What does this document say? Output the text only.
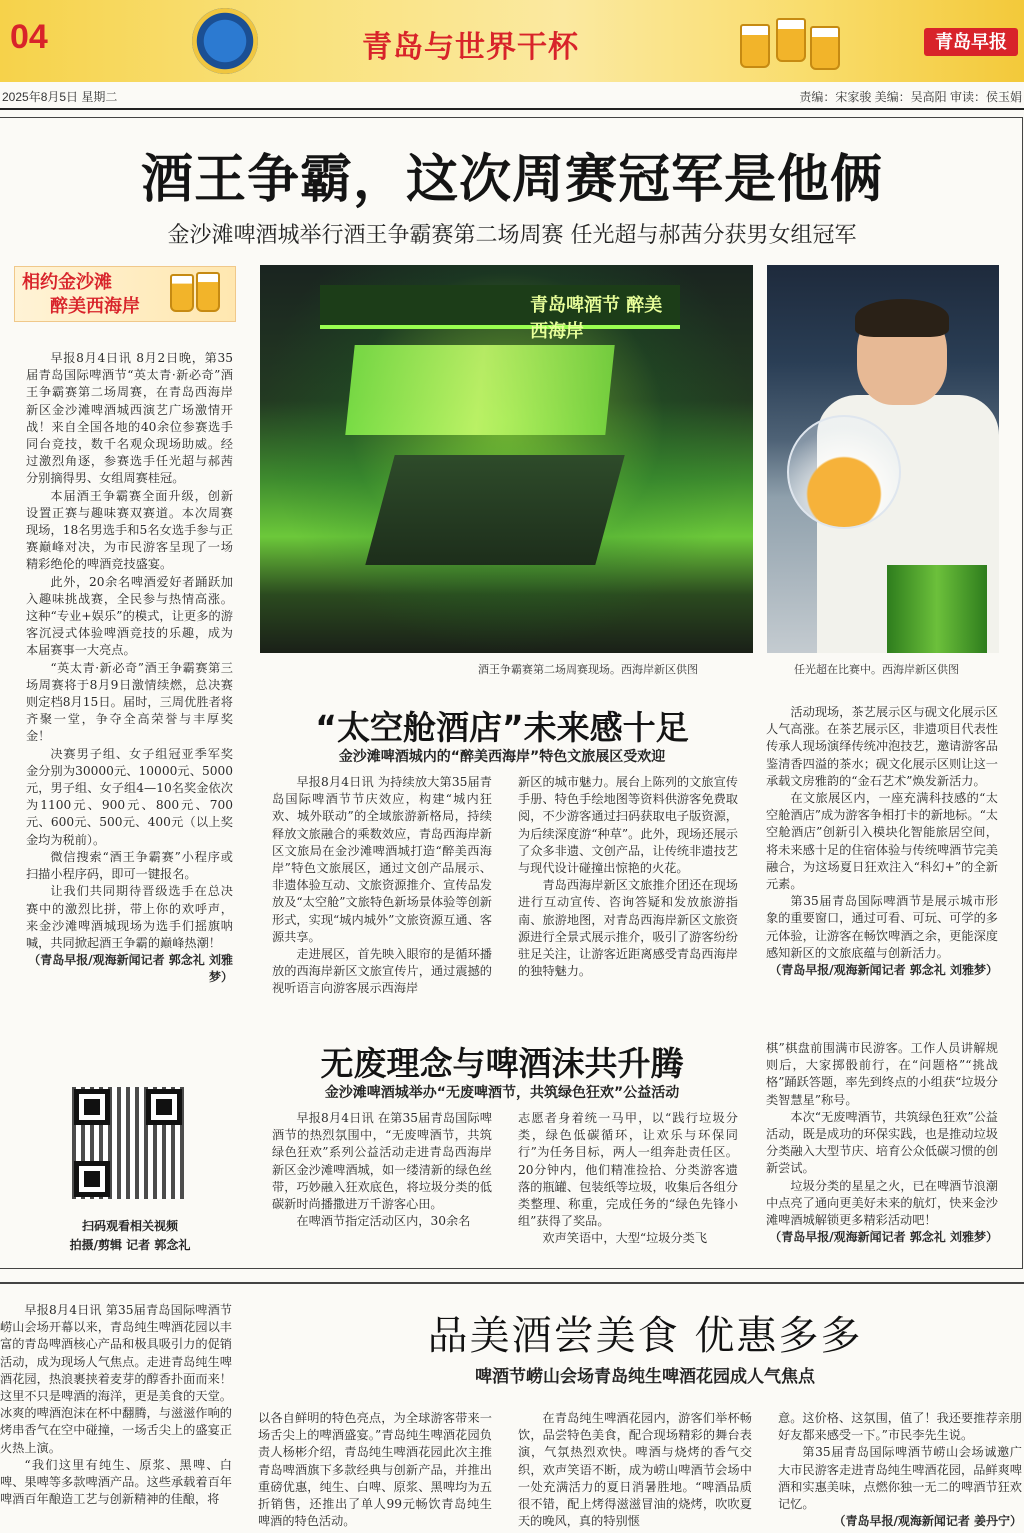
04	青岛与世界干杯	青岛早报
2025年8月5日 星期二	责编：宋家骏 美编：吴高阳 审读：侯玉娟
酒王争霸，这次周赛冠军是他俩
金沙滩啤酒城举行酒王争霸赛第二场周赛 任光超与郝茜分获男女组冠军
相约金沙滩
醉美西海岸

早报8月4日讯 8月2日晚，第35届青岛国际啤酒节“英太青·新必奇”酒王争霸赛第二场周赛，在青岛西海岸新区金沙滩啤酒城西演艺广场激情开战！来自全国各地的40余位参赛选手同台竞技，数千名观众现场助威。经过激烈角逐，参赛选手任光超与郝茜分别摘得男、女组周赛桂冠。

本届酒王争霸赛全面升级，创新设置正赛与趣味赛双赛道。本次周赛现场，18名男选手和5名女选手参与正赛巅峰对决，为市民游客呈现了一场精彩绝伦的啤酒竞技盛宴。

此外，20余名啤酒爱好者踊跃加入趣味挑战赛，全民参与热情高涨。这种“专业+娱乐”的模式，让更多的游客沉浸式体验啤酒竞技的乐趣，成为本届赛事一大亮点。

“英太青·新必奇”酒王争霸赛第三场周赛将于8月9日激情续燃，总决赛则定档8月15日。届时，三周优胜者将齐聚一堂，争夺全高荣誉与丰厚奖金！

决赛男子组、女子组冠亚季军奖金分别为30000元、10000元、5000元，男子组、女子组4—10名奖金依次为1100元、900元、800元、700元、600元、500元、400元（以上奖金均为税前）。

微信搜索“酒王争霸赛”小程序或扫描小程序码，即可一键报名。

让我们共同期待晋级选手在总决赛中的激烈比拼，带上你的欢呼声，来金沙滩啤酒城现场为选手们摇旗呐喊，共同掀起酒王争霸的巅峰热潮！

（青岛早报/观海新闻记者 郭念礼 刘雅梦）

扫码观看相关视频
拍摄/剪辑 记者 郭念礼
青岛啤酒节 醉美西海岸
酒王争霸赛第二场周赛现场。西海岸新区供图	任光超在比赛中。西海岸新区供图
“太空舱酒店”未来感十足
金沙滩啤酒城内的“醉美西海岸”特色文旅展区受欢迎

早报8月4日讯 为持续放大第35届青岛国际啤酒节节庆效应，构建“城内狂欢、城外联动”的全域旅游新格局，持续释放文旅融合的乘数效应，青岛西海岸新区文旅局在金沙滩啤酒城打造“醉美西海岸”特色文旅展区，通过文创产品展示、非遗体验互动、文旅资源推介、宣传品发放及“太空舱”文旅特色新场景体验等创新形式，实现“城内城外”文旅资源互通、客源共享。

走进展区，首先映入眼帘的是循环播放的西海岸新区文旅宣传片，通过震撼的视听语言向游客展示西海岸

新区的城市魅力。展台上陈列的文旅宣传手册、特色手绘地图等资料供游客免费取阅，不少游客通过扫码获取电子版资源，为后续深度游“种草”。此外，现场还展示了众多非遗、文创产品，让传统非遗技艺与现代设计碰撞出惊艳的火花。

青岛西海岸新区文旅推介团还在现场进行互动宣传、咨询答疑和发放旅游指南、旅游地图，对青岛西海岸新区文旅资源进行全景式展示推介，吸引了游客纷纷驻足关注，让游客近距离感受青岛西海岸的独特魅力。

活动现场，茶艺展示区与砚文化展示区人气高涨。在茶艺展示区，非遗项目代表性传承人现场演绎传统冲泡技艺，邀请游客品鉴清香四溢的茶水；砚文化展示区则让这一承载文房雅韵的“金石艺术”焕发新活力。

在文旅展区内，一座充满科技感的“太空舱酒店”成为游客争相打卡的新地标。“太空舱酒店”创新引入模块化智能旅居空间，将未来感十足的住宿体验与传统啤酒节完美融合，为这场夏日狂欢注入“科幻+”的全新元素。

第35届青岛国际啤酒节是展示城市形象的重要窗口，通过可看、可玩、可学的多元体验，让游客在畅饮啤酒之余，更能深度感知新区的文旅底蕴与创新活力。

（青岛早报/观海新闻记者 郭念礼 刘雅梦）

无废理念与啤酒沫共升腾
金沙滩啤酒城举办“无废啤酒节，共筑绿色狂欢”公益活动

早报8月4日讯 在第35届青岛国际啤酒节的热烈氛围中，“无废啤酒节，共筑绿色狂欢”系列公益活动走进青岛西海岸新区金沙滩啤酒城，如一缕清新的绿色丝带，巧妙融入狂欢底色，将垃圾分类的低碳新时尚播撒进万千游客心田。

在啤酒节指定活动区内，30余名

志愿者身着统一马甲，以“践行垃圾分类，绿色低碳循环，让欢乐与环保同行”为任务目标，两人一组奔赴责任区。20分钟内，他们精准捡拾、分类游客遗落的瓶罐、包装纸等垃圾，收集后各组分类整理、称重，完成任务的“绿色先锋小组”获得了奖品。

欢声笑语中，大型“垃圾分类飞

棋”棋盘前围满市民游客。工作人员讲解规则后，大家掷骰前行，在“问题格”“挑战格”踊跃答题，率先到终点的小组获“垃圾分类智慧星”称号。

本次“无废啤酒节，共筑绿色狂欢”公益活动，既是成功的环保实践，也是推动垃圾分类融入大型节庆、培育公众低碳习惯的创新尝试。

垃圾分类的星星之火，已在啤酒节浪潮中点亮了通向更美好未来的航灯，快来金沙滩啤酒城解锁更多精彩活动吧！

（青岛早报/观海新闻记者 郭念礼 刘雅梦）

品美酒尝美食 优惠多多
啤酒节崂山会场青岛纯生啤酒花园成人气焦点

早报8月4日讯 第35届青岛国际啤酒节崂山会场开幕以来，青岛纯生啤酒花园以丰富的青岛啤酒核心产品和极具吸引力的促销活动，成为现场人气焦点。走进青岛纯生啤酒花园，热浪裹挟着麦芽的醇香扑面而来！这里不只是啤酒的海洋，更是美食的天堂。冰爽的啤酒泡沫在杯中翻腾，与滋滋作响的烤串香气在空中碰撞，一场舌尖上的盛宴正火热上演。

“我们这里有纯生、原浆、黑啤、白啤、果啤等多款啤酒产品。这些承载着百年啤酒百年酿造工艺与创新精神的佳酿，将

以各自鲜明的特色亮点，为全球游客带来一场舌尖上的啤酒盛宴。”青岛纯生啤酒花园负责人杨彬介绍，青岛纯生啤酒花园此次主推青岛啤酒旗下多款经典与创新产品，并推出重磅优惠，纯生、白啤、原浆、黑啤均为五折销售，还推出了单人99元畅饮青岛纯生啤酒的特色活动。

在青岛纯生啤酒花园内，游客们举杯畅饮，品尝特色美食，配合现场精彩的舞台表演，气氛热烈欢快。啤酒与烧烤的香气交织，欢声笑语不断，成为崂山啤酒节会场中一处充满活力的夏日消暑胜地。“啤酒品质很不错，配上烤得滋滋冒油的烧烤，吹吹夏天的晚风，真的特别惬

意。这价格、这氛围，值了！我还要推荐亲朋好友都来感受一下。”市民李先生说。

第35届青岛国际啤酒节崂山会场诚邀广大市民游客走进青岛纯生啤酒花园，品鲜爽啤酒和实惠美味，点燃你独一无二的啤酒节狂欢记忆。

（青岛早报/观海新闻记者 姜丹宁）
